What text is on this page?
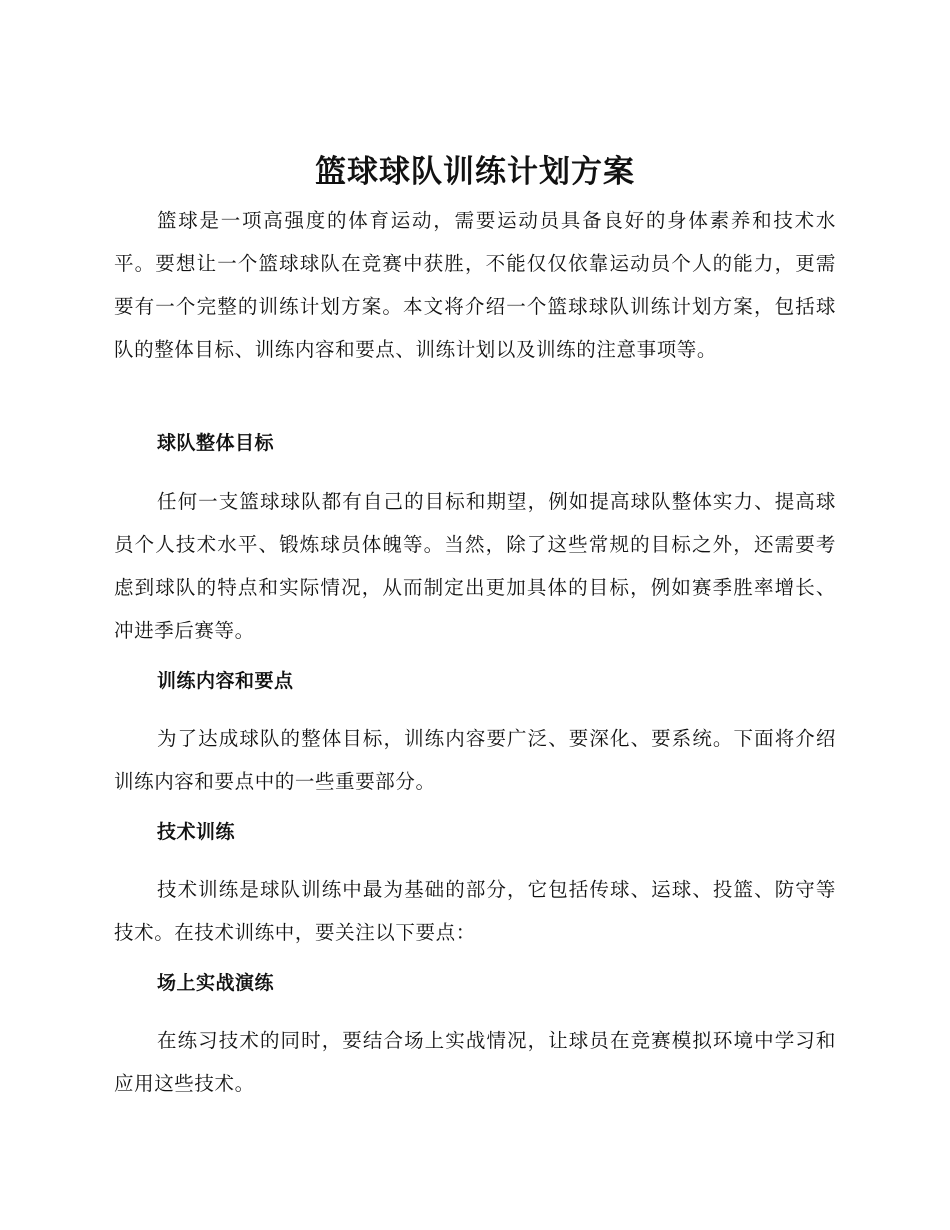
篮球球队训练计划方案

篮球是一项高强度的体育运动，需要运动员具备良好的身体素养和技术水平。要想让一个篮球球队在竞赛中获胜，不能仅仅依靠运动员个人的能力，更需要有一个完整的训练计划方案。本文将介绍一个篮球球队训练计划方案，包括球队的整体目标、训练内容和要点、训练计划以及训练的注意事项等。

球队整体目标

任何一支篮球球队都有自己的目标和期望，例如提高球队整体实力、提高球员个人技术水平、锻炼球员体魄等。当然，除了这些常规的目标之外，还需要考虑到球队的特点和实际情况，从而制定出更加具体的目标，例如赛季胜率增长、冲进季后赛等。

训练内容和要点

为了达成球队的整体目标，训练内容要广泛、要深化、要系统。下面将介绍训练内容和要点中的一些重要部分。

技术训练

技术训练是球队训练中最为基础的部分，它包括传球、运球、投篮、防守等技术。在技术训练中，要关注以下要点：

场上实战演练

在练习技术的同时，要结合场上实战情况，让球员在竞赛模拟环境中学习和应用这些技术。
